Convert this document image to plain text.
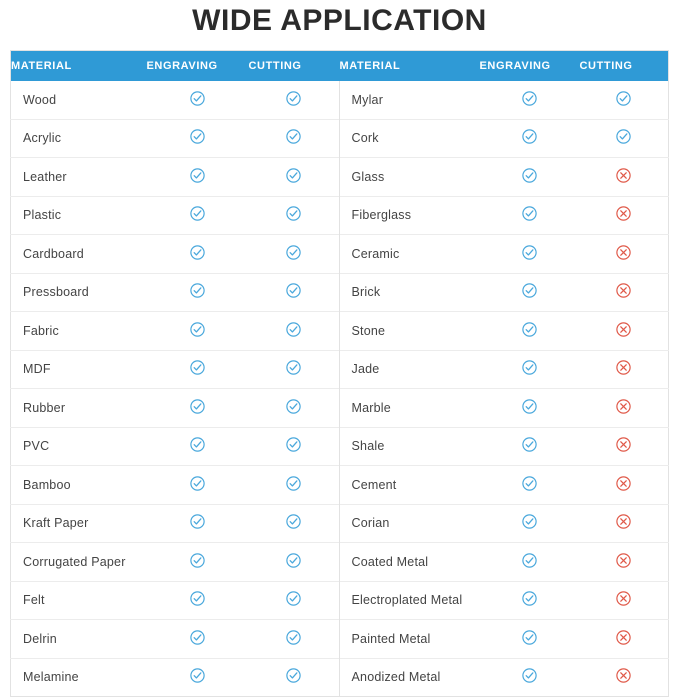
WIDE APPLICATION
MATERIAL	ENGRAVING	CUTTING		MATERIAL	ENGRAVING	CUTTING
Wood				Mylar	

Acrylic				Cork	

Leather				Glass	

Plastic				Fiberglass	

Cardboard				Ceramic	

Pressboard				Brick	

Fabric				Stone	

MDF				Jade	

Rubber				Marble	

PVC				Shale	

Bamboo				Cement	

Kraft Paper				Corian	

Corrugated Paper				Coated Metal	

Felt				Electroplated Metal	

Delrin				Painted Metal	

Melamine				Anodized Metal	
